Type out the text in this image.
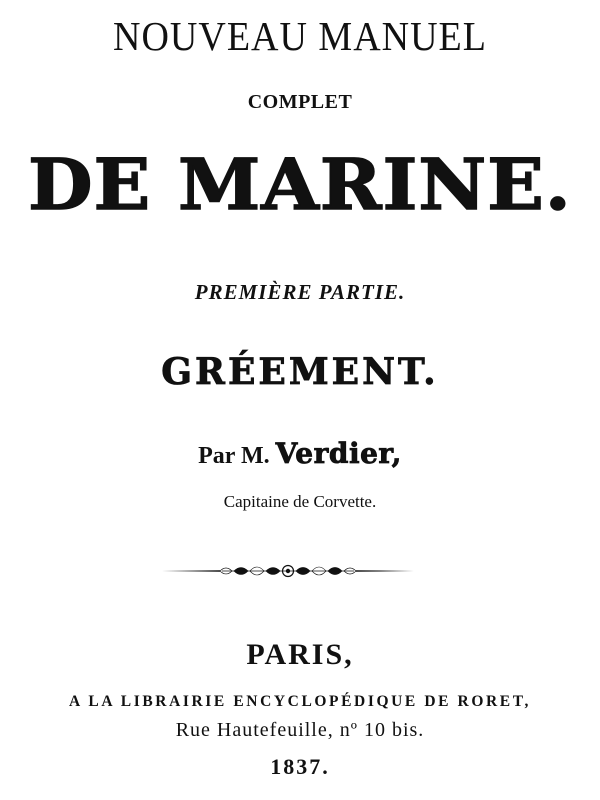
NOUVEAU MANUEL
COMPLET
DE MARINE.
PREMIÈRE PARTIE.
GRÉEMENT.
Par M. Verdier,
Capitaine de Corvette.
PARIS,
A LA LIBRAIRIE ENCYCLOPÉDIQUE DE RORET,
Rue Hautefeuille, nº 10 bis.
1837.
